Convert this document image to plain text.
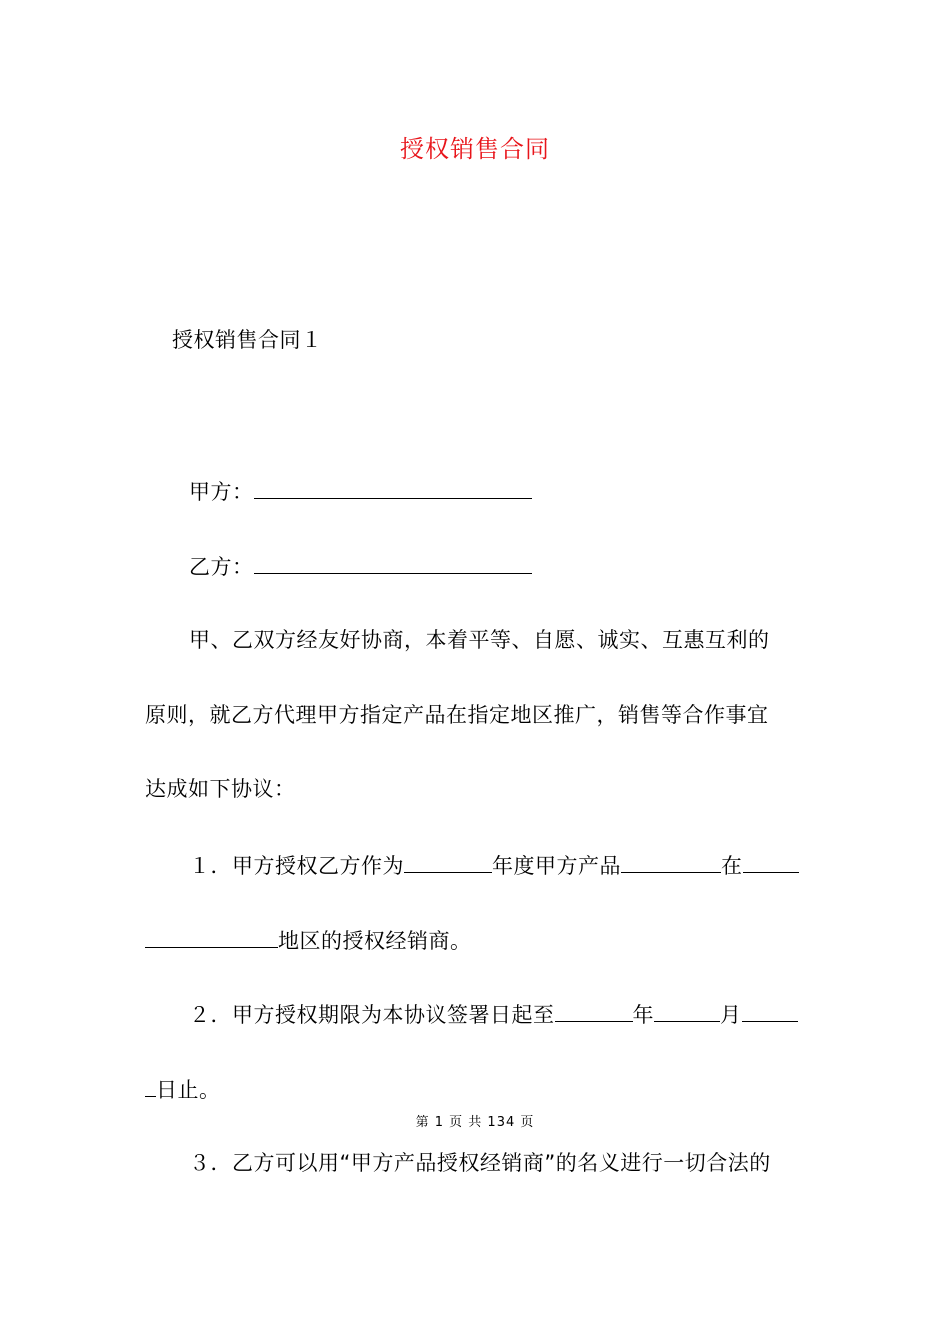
授权销售合同
授权销售合同１
甲方：
乙方：
甲、乙双方经友好协商，本着平等、自愿、诚实、互惠互利的
原则，就乙方代理甲方指定产品在指定地区推广，销售等合作事宜
达成如下协议：
１．甲方授权乙方作为	年度甲方产品	在
地区的授权经销商。
２．甲方授权期限为本协议签署日起至	年	月
日止。
第 1 页 共 134 页
３．乙方可以用“甲方产品授权经销商”的名义进行一切合法的
